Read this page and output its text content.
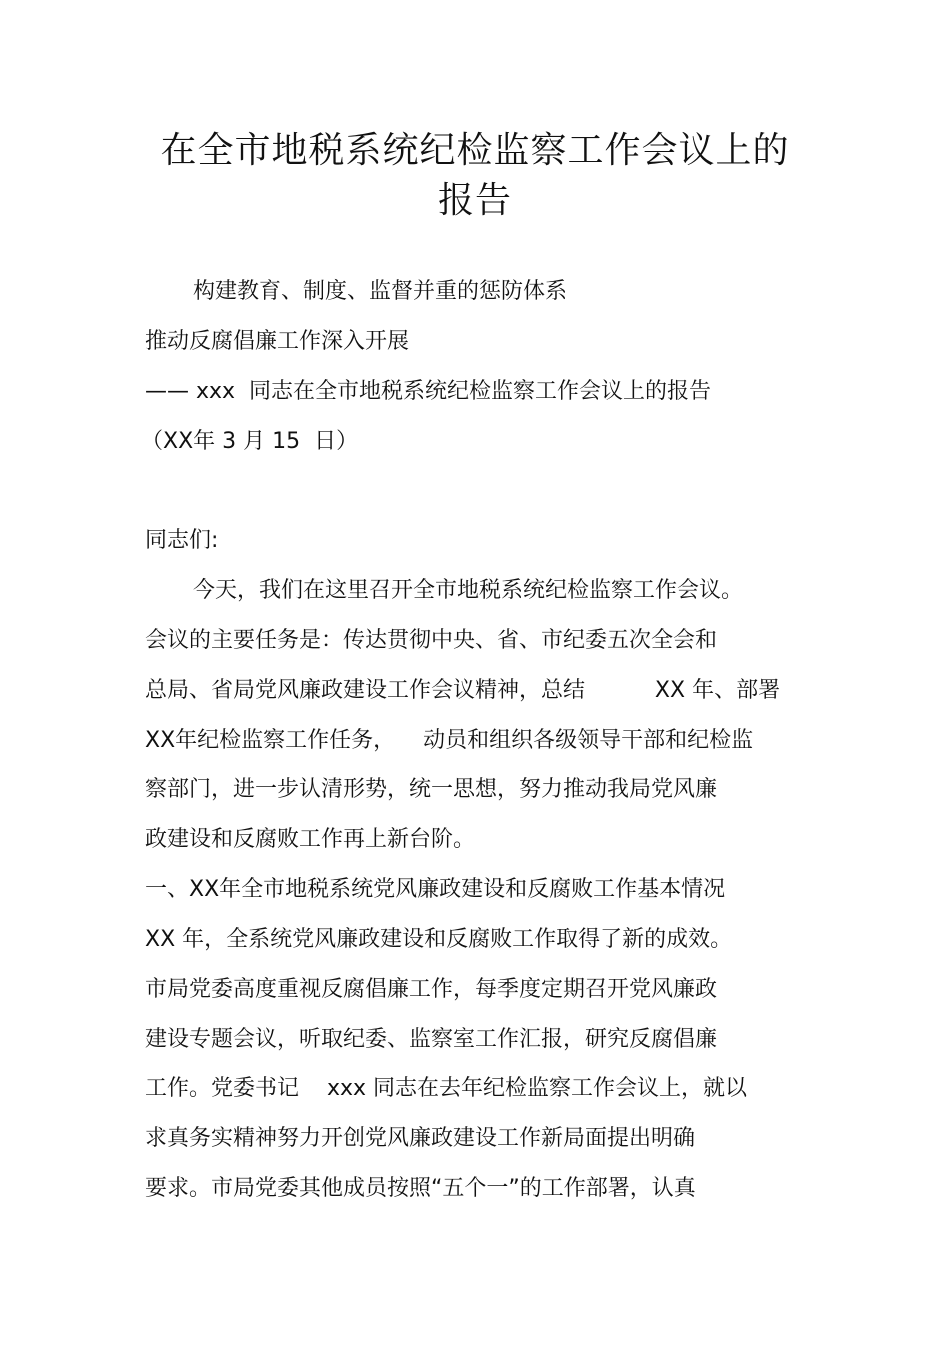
在全市地税系统纪检监察工作会议上的
报告

构建教育、制度、监督并重的惩防体系

推动反腐倡廉工作深入开展

—— xxx  同志在全市地税系统纪检监察工作会议上的报告

（XX年 3 月 15  日）

同志们:

今天，我们在这里召开全市地税系统纪检监察工作会议。

会议的主要任务是：传达贯彻中央、省、市纪委五次全会和

总局、省局党风廉政建设工作会议精神，总结          XX 年、部署

XX年纪检监察工作任务，    动员和组织各级领导干部和纪检监

察部门，进一步认清形势，统一思想，努力推动我局党风廉

政建设和反腐败工作再上新台阶。

一、XX年全市地税系统党风廉政建设和反腐败工作基本情况

XX 年，全系统党风廉政建设和反腐败工作取得了新的成效。

市局党委高度重视反腐倡廉工作，每季度定期召开党风廉政

建设专题会议，听取纪委、监察室工作汇报，研究反腐倡廉

工作。党委书记    xxx 同志在去年纪检监察工作会议上，就以

求真务实精神努力开创党风廉政建设工作新局面提出明确

要求。市局党委其他成员按照“五个一”的工作部署，认真
